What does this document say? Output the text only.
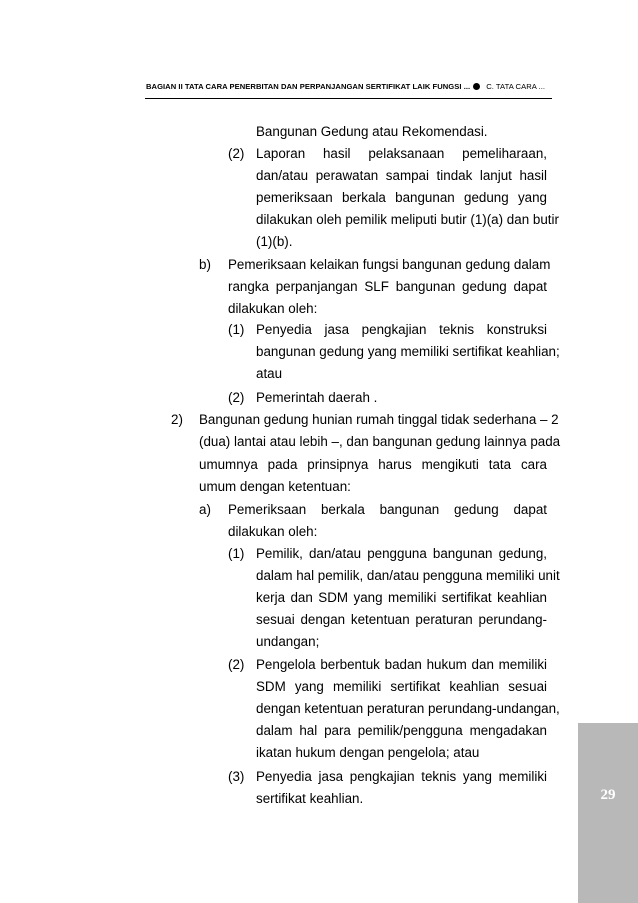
BAGIAN II TATA CARA PENERBITAN DAN PERPANJANGAN SERTIFIKAT LAIK FUNGSI ... C. TATA CARA ...
(2)
b)
(1)
(2)
2)
a)
(1)
(2)
(3)
Bangunan Gedung atau Rekomendasi.
Laporan hasil pelaksanaan pemeliharaan,
dan/atau perawatan sampai tindak lanjut hasil
pemeriksaan berkala bangunan gedung yang
dilakukan oleh pemilik meliputi butir (1)(a) dan butir
(1)(b).
Pemeriksaan kelaikan fungsi bangunan gedung dalam
rangka perpanjangan SLF bangunan gedung dapat
dilakukan oleh:
Penyedia jasa pengkajian teknis konstruksi
bangunan gedung yang memiliki sertifikat keahlian;
atau
Pemerintah daerah .
Bangunan gedung hunian rumah tinggal tidak sederhana – 2
(dua) lantai atau lebih –, dan bangunan gedung lainnya pada
umumnya pada prinsipnya harus mengikuti tata cara
umum dengan ketentuan:
Pemeriksaan berkala bangunan gedung dapat
dilakukan oleh:
Pemilik, dan/atau pengguna bangunan gedung,
dalam hal pemilik, dan/atau pengguna memiliki unit
kerja dan SDM yang memiliki sertifikat keahlian
sesuai dengan ketentuan peraturan perundang-
undangan;
Pengelola berbentuk badan hukum dan memiliki
SDM yang memiliki sertifikat keahlian sesuai
dengan ketentuan peraturan perundang-undangan,
dalam hal para pemilik/pengguna mengadakan
ikatan hukum dengan pengelola; atau
Penyedia jasa pengkajian teknis yang memiliki
sertifikat keahlian.	29
